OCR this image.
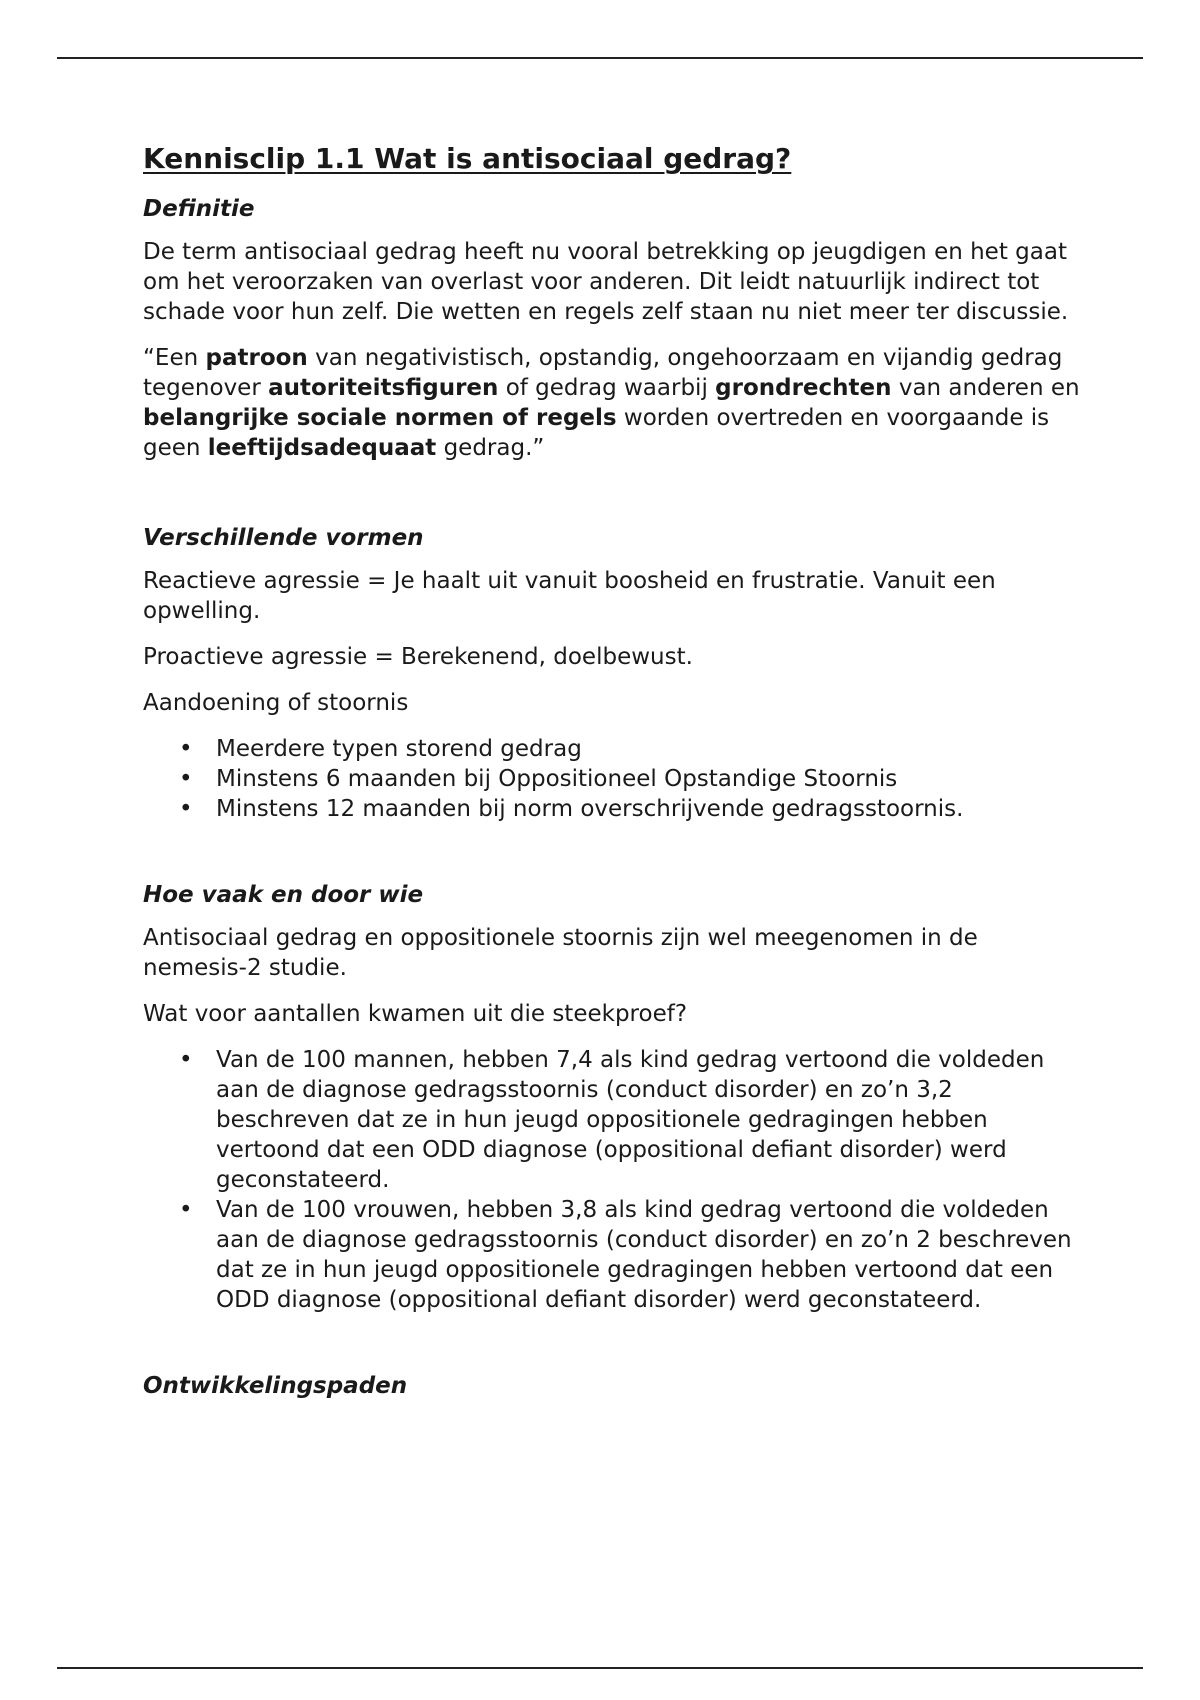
Kennisclip 1.1 Wat is antisociaal gedrag?
Definitie

De term antisociaal gedrag heeft nu vooral betrekking op jeugdigen en het gaat om het veroorzaken van overlast voor anderen. Dit leidt natuurlijk indirect tot schade voor hun zelf. Die wetten en regels zelf staan nu niet meer ter discussie.

“Een patroon van negativistisch, opstandig, ongehoorzaam en vijandig gedrag tegenover autoriteitsfiguren of gedrag waarbij grondrechten van anderen en belangrijke sociale normen of regels worden overtreden en voorgaande is geen leeftijdsadequaat gedrag.”

Verschillende vormen

Reactieve agressie = Je haalt uit vanuit boosheid en frustratie. Vanuit een opwelling.

Proactieve agressie = Berekenend, doelbewust.

Aandoening of stoornis

• Meerdere typen storend gedrag
• Minstens 6 maanden bij Oppositioneel Opstandige Stoornis
• Minstens 12 maanden bij norm overschrijvende gedragsstoornis.
Hoe vaak en door wie

Antisociaal gedrag en oppositionele stoornis zijn wel meegenomen in de nemesis-2 studie.

Wat voor aantallen kwamen uit die steekproef?

• Van de 100 mannen, hebben 7,4 als kind gedrag vertoond die voldeden aan de diagnose gedragsstoornis (conduct disorder) en zo’n 3,2 beschreven dat ze in hun jeugd oppositionele gedragingen hebben vertoond dat een ODD diagnose (oppositional defiant disorder) werd geconstateerd.
• Van de 100 vrouwen, hebben 3,8 als kind gedrag vertoond die voldeden aan de diagnose gedragsstoornis (conduct disorder) en zo’n 2 beschreven dat ze in hun jeugd oppositionele gedragingen hebben vertoond dat een ODD diagnose (oppositional defiant disorder) werd geconstateerd.
Ontwikkelingspaden
